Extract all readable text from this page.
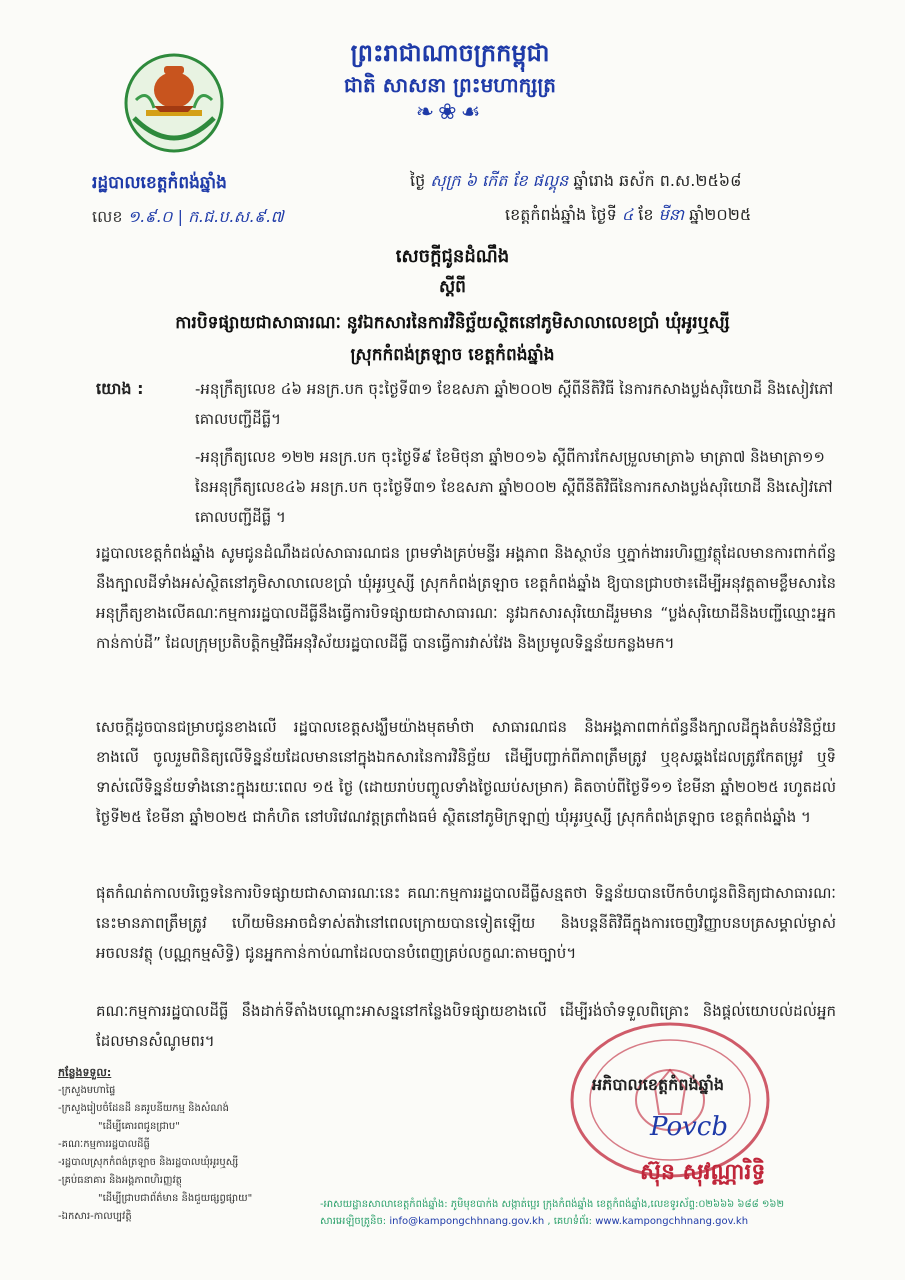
ព្រះរាជាណាចក្រកម្ពុជា
ជាតិ សាសនា ព្រះមហាក្សត្រ
❧❀☙
រដ្ឋបាលខេត្តកំពង់ឆ្នាំង
លេខ ១.៩.០ | ក.ជ.ប.ស.៩.៧
ថ្ងៃ សុក្រ ៦ កើត ខែ ផល្គុន ឆ្នាំរោង ឆស័ក ព.ស.២៥៦៨
ខេត្តកំពង់ឆ្នាំង ថ្ងៃទី ៤ ខែ មីនា ឆ្នាំ២០២៥
សេចក្តីជូនដំណឹង
ស្តីពី
ការបិទផ្សាយជាសាធារណៈ នូវឯកសារនៃការវិនិច្ឆ័យស្ថិតនៅភូមិសាលាលេខប្រាំ ឃុំអូរឬស្សី
ស្រុកកំពង់ត្រឡាច ខេត្តកំពង់ឆ្នាំង
យោង :	-អនុក្រឹត្យលេខ ៤៦ អនក្រ.បក ចុះថ្ងៃទី៣១ ខែឧសភា ឆ្នាំ២០០២ ស្តីពីនីតិវិធី នៃការកសាងប្លង់សុរិយោដី និងសៀវភៅគោលបញ្ជីដីធ្លី។
-អនុក្រឹត្យលេខ ១២២ អនក្រ.បក ចុះថ្ងៃទី៩ ខែមិថុនា ឆ្នាំ២០១៦ ស្តីពីការកែសម្រួលមាត្រា៦ មាត្រា៧ និងមាត្រា១១ នៃអនុក្រឹត្យលេខ៤៦ អនក្រ.បក ចុះថ្ងៃទី៣១ ខែឧសភា ឆ្នាំ២០០២ ស្តីពីនីតិវិធីនៃការកសាងប្លង់សុរិយោដី និងសៀវភៅគោលបញ្ជីដីធ្លី ។
រដ្ឋបាលខេត្តកំពង់ឆ្នាំង សូមជូនដំណឹងដល់សាធារណជន ព្រមទាំងគ្រប់មន្ទីរ អង្គភាព និងស្ថាប័ន ឬភ្នាក់ងាររហិរញ្ញវត្ថុដែលមានការពាក់ព័ន្ធនឹងក្បាលដីទាំងអស់ស្ថិតនៅភូមិសាលាលេខប្រាំ ឃុំអូរឬស្សី ស្រុកកំពង់ត្រឡាច ខេត្តកំពង់ឆ្នាំង ឱ្យបានជ្រាបថា៖ដើម្បីអនុវត្តតាមខ្លឹមសារនៃអនុក្រឹត្យខាងលើគណៈកម្មការរដ្ឋបាលដីធ្លីនឹងធ្វើការបិទផ្សាយជាសាធារណៈ នូវឯកសារសុរិយោដីរួមមាន “ប្លង់សុរិយោដីនិងបញ្ជីឈ្មោះអ្នកកាន់កាប់ដី” ដែលក្រុមប្រតិបត្តិកម្មវិធីអនុវិស័យរដ្ឋបាលដីធ្លី បានធ្វើការវាស់វែង និងប្រមូលទិន្នន័យកន្លងមក។
សេចក្តីដូចបានជម្រាបជូនខាងលើ រដ្ឋបាលខេត្តសង្ឃឹមយ៉ាងមុតមាំថា សាធារណជន និងអង្គភាពពាក់ព័ន្ធនឹងក្បាលដីក្នុងតំបន់វិនិច្ឆ័យខាងលើ ចូលរួមពិនិត្យលើទិន្នន័យដែលមាននៅក្នុងឯកសារនៃការវិនិច្ឆ័យ ដើម្បីបញ្ជាក់ពីភាពត្រឹមត្រូវ ឬខុសឆ្គងដែលត្រូវកែតម្រូវ ឬទិទាស់លើទិន្នន័យទាំងនោះក្នុងរយៈពេល ១៥ ថ្ងៃ (ដោយរាប់បញ្ចូលទាំងថ្ងៃឈប់សម្រាក) គិតចាប់ពីថ្ងៃទី១១ ខែមីនា ឆ្នាំ២០២៥ រហូតដល់ថ្ងៃទី២៥ ខែមីនា ឆ្នាំ២០២៥ ជាកំហិត នៅបរិវេណវត្តត្រពាំងធម៌ ស្ថិតនៅភូមិក្រឡាញ់ ឃុំអូរឬស្សី ស្រុកកំពង់ត្រឡាច ខេត្តកំពង់ឆ្នាំង ។
ផុតកំណត់កាលបរិច្ឆេទនៃការបិទផ្សាយជាសាធារណៈនេះ គណៈកម្មការរដ្ឋបាលដីធ្លីសន្មតថា ទិន្នន័យបានបើកចំហជូនពិនិត្យជាសាធារណៈនេះមានភាពត្រឹមត្រូវ ហើយមិនអាចជំទាស់តវ៉ានៅពេលក្រោយបានទៀតឡើយ និងបន្តនីតិវិធីក្នុងការចេញវិញ្ញាបនបត្រសម្គាល់ម្ចាស់អចលនវត្ថុ (បណ្ណកម្មសិទ្ធិ) ជូនអ្នកកាន់កាប់ណាដែលបានបំពេញគ្រប់លក្ខណៈតាមច្បាប់។
គណៈកម្មការរដ្ឋបាលដីធ្លី នឹងដាក់ទីតាំងបណ្តោះអាសន្ននៅកន្លែងបិទផ្សាយខាងលើ ដើម្បីរង់ចាំទទួលពិគ្រោះ និងផ្តល់យោបល់ដល់អ្នកដែលមានសំណូមពរ។
អភិបាលខេត្តកំពង់ឆ្នាំង
Povcb
ស៊ុន សុវណ្ណារិទ្ធិ
កន្លែងទទួល:
-ក្រសួងមហាផ្ទៃ
-ក្រសួងរៀបចំដែនដី នគរូបនីយកម្ម និងសំណង់
"ដើម្បីគោរពជូនជ្រាប"
-គណៈកម្មការរដ្ឋបាលដីធ្លី
-រដ្ឋបាលស្រុកកំពង់ត្រឡាច និងរដ្ឋបាលឃុំអូរឬស្សី
-គ្រប់ធនាគារ និងអង្គភាពហិរញ្ញវត្ថុ
"ដើម្បីជ្រាបជាព័ត៌មាន និងជួយផ្សព្វផ្សាយ"
-ឯកសារ-កាលប្បវត្តិ
-អាសយដ្ឋានសាលាខេត្តកំពង់ឆ្នាំង: ភូមិមុខបាក់ង សង្កាត់ប្អេរ ក្រុងកំពង់ឆ្នាំង ខេត្តកំពង់ឆ្នាំង,លេខទូរស័ព្ទ:០២៦៦៦ ៦៨៨ ១៦២
សារអេឡិចត្រូនិច: info@kampongchhnang.gov.kh , គេហទំព័រ: www.kampongchhnang.gov.kh
